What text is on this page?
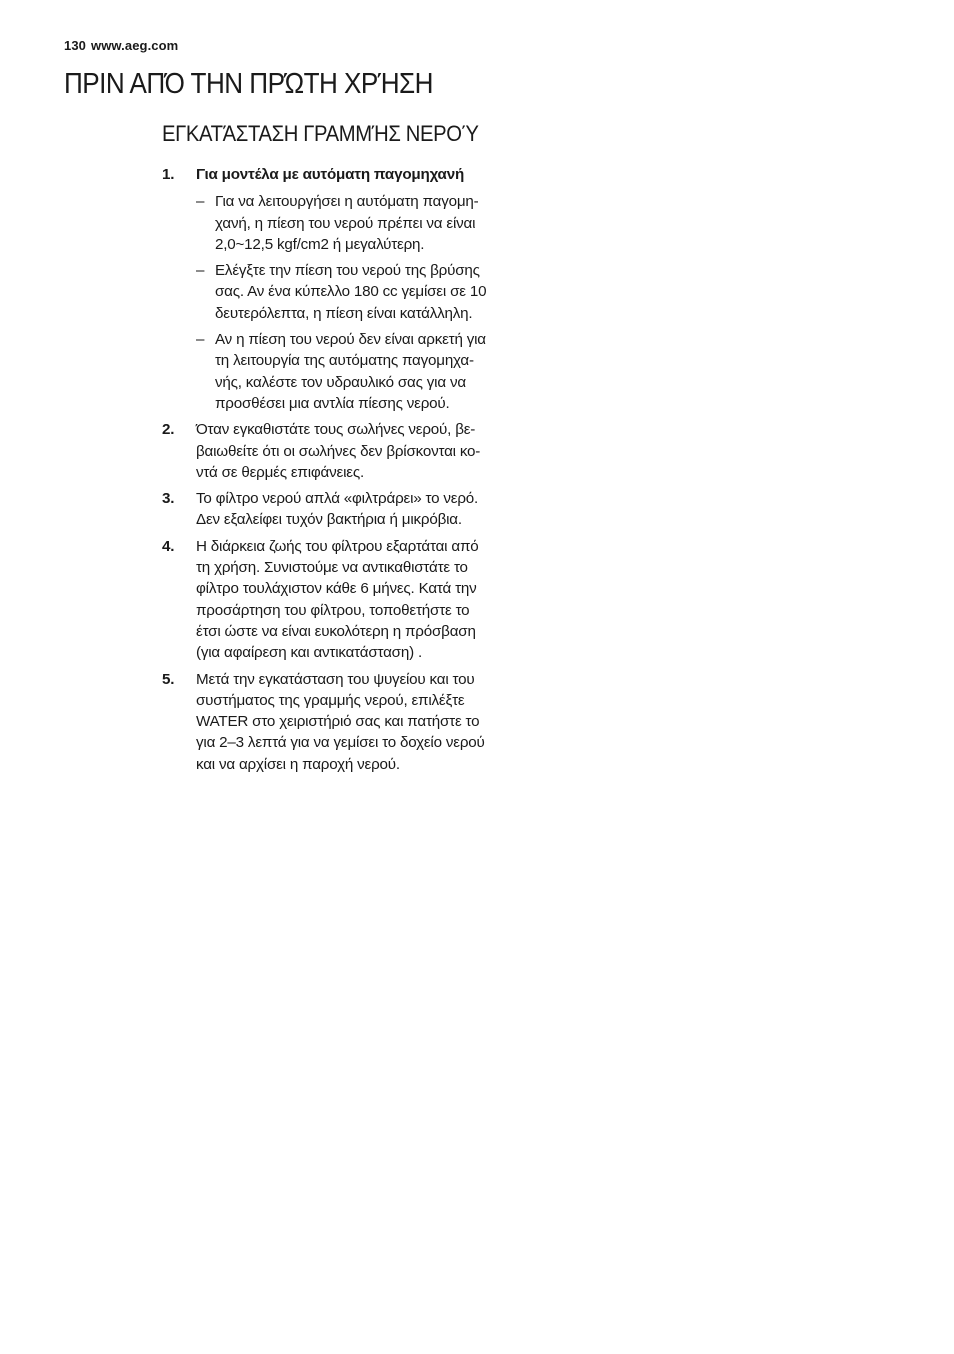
130 www.aeg.com
ΠΡΙΝ ΑΠΌ ΤΗΝ ΠΡΏΤΗ ΧΡΉΣΗ
ΕΓΚΑΤΆΣΤΑΣΗ ΓΡΑΜΜΉΣ ΝΕΡΟΎ
1. Για μοντέλα με αυτόματη παγομηχανή
– Για να λειτουργήσει η αυτόματη παγομη-
χανή, η πίεση του νερού πρέπει να είναι
2,0~12,5 kgf/cm2 ή μεγαλύτερη.
– Ελέγξτε την πίεση του νερού της βρύσης
σας. Αν ένα κύπελλο 180 cc γεμίσει σε 10
δευτερόλεπτα, η πίεση είναι κατάλληλη.
– Αν η πίεση του νερού δεν είναι αρκετή για
τη λειτουργία της αυτόματης παγομηχα-
νής, καλέστε τον υδραυλικό σας για να
προσθέσει μια αντλία πίεσης νερού.
2. Όταν εγκαθιστάτε τους σωλήνες νερού, βε-
βαιωθείτε ότι οι σωλήνες δεν βρίσκονται κο-
ντά σε θερμές επιφάνειες.
3. Το φίλτρο νερού απλά «φιλτράρει» το νερό.
Δεν εξαλείφει τυχόν βακτήρια ή μικρόβια.
4. Η διάρκεια ζωής του φίλτρου εξαρτάται από
τη χρήση. Συνιστούμε να αντικαθιστάτε το
φίλτρο τουλάχιστον κάθε 6 μήνες. Κατά την
προσάρτηση του φίλτρου, τοποθετήστε το
έτσι ώστε να είναι ευκολότερη η πρόσβαση
(για αφαίρεση και αντικατάσταση) .
5. Μετά την εγκατάσταση του ψυγείου και του
συστήματος της γραμμής νερού, επιλέξτε
WATER στο χειριστήριό σας και πατήστε το
για 2–3 λεπτά για να γεμίσει το δοχείο νερού
και να αρχίσει η παροχή νερού.
